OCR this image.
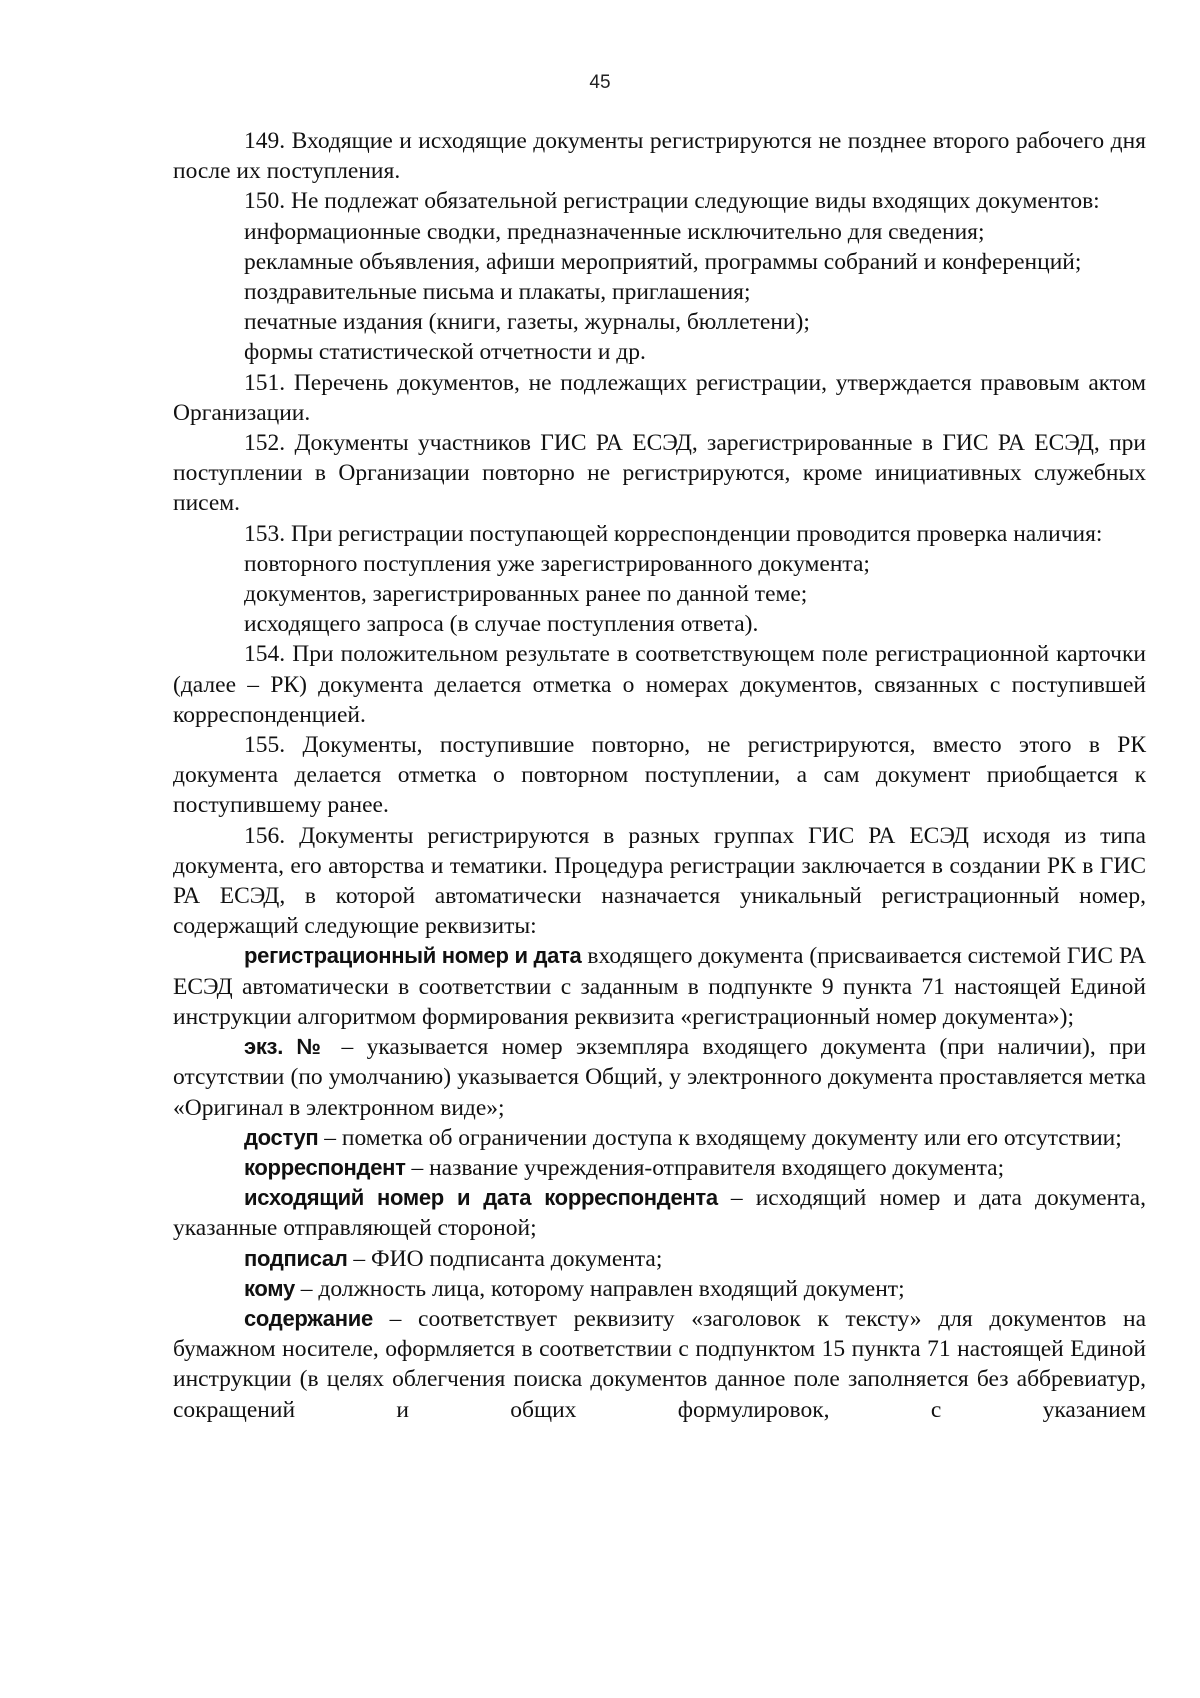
45

149. Входящие и исходящие документы регистрируются не позднее второго рабочего дня после их поступления.

150. Не подлежат обязательной регистрации следующие виды входящих документов:

информационные сводки, предназначенные исключительно для сведения;

рекламные объявления, афиши мероприятий, программы собраний и конференций;

поздравительные письма и плакаты, приглашения;

печатные издания (книги, газеты, журналы, бюллетени);

формы статистической отчетности и др.

151. Перечень документов, не подлежащих регистрации, утверждается правовым актом Организации.

152. Документы участников ГИС РА ЕСЭД, зарегистрированные в ГИС РА ЕСЭД, при поступлении в Организации повторно не регистрируются, кроме инициативных служебных писем.

153. При регистрации поступающей корреспонденции проводится проверка наличия:

повторного поступления уже зарегистрированного документа;

документов, зарегистрированных ранее по данной теме;

исходящего запроса (в случае поступления ответа).

154. При положительном результате в соответствующем поле регистрационной карточки (далее – РК) документа делается отметка о номерах документов, связанных с поступившей корреспонденцией.

155. Документы, поступившие повторно, не регистрируются, вместо этого в РК документа делается отметка о повторном поступлении, а сам документ приобщается к поступившему ранее.

156. Документы регистрируются в разных группах ГИС РА ЕСЭД исходя из типа документа, его авторства и тематики. Процедура регистрации заключается в создании РК в ГИС РА ЕСЭД, в которой автоматически назначается уникальный регистрационный номер, содержащий следующие реквизиты:

регистрационный номер и дата входящего документа (присваивается системой ГИС РА ЕСЭД автоматически в соответствии с заданным в подпункте 9 пункта 71 настоящей Единой инструкции алгоритмом формирования реквизита «регистрационный номер документа»);

экз. № – указывается номер экземпляра входящего документа (при наличии), при отсутствии (по умолчанию) указывается Общий, у электронного документа проставляется метка «Оригинал в электронном виде»;

доступ – пометка об ограничении доступа к входящему документу или его отсутствии;

корреспондент – название учреждения-отправителя входящего документа;

исходящий номер и дата корреспондента – исходящий номер и дата документа, указанные отправляющей стороной;

подписал – ФИО подписанта документа;

кому – должность лица, которому направлен входящий документ;

содержание – соответствует реквизиту «заголовок к тексту» для документов на бумажном носителе, оформляется в соответствии с подпунктом 15 пункта 71 настоящей Единой инструкции (в целях облегчения поиска документов данное поле заполняется без аббревиатур, сокращений и общих формулировок, с указанием
